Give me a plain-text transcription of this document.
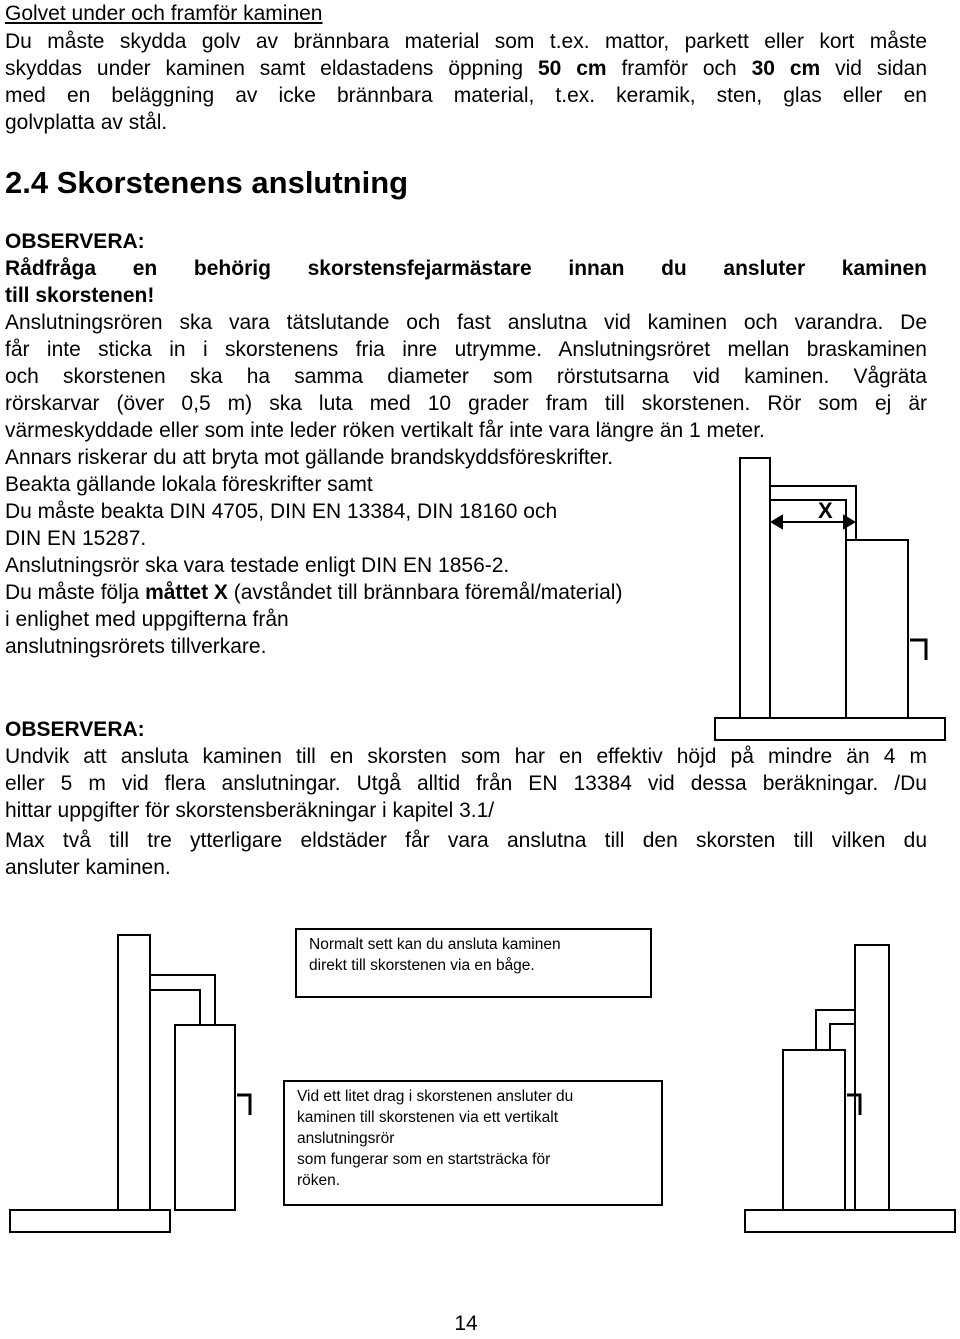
Golvet under och framför kaminen
Du måste skydda golv av brännbara material som t.ex. mattor, parkett eller kort måste
skyddas under kaminen samt eldastadens öppning 50 cm framför och 30 cm vid sidan
med en beläggning av icke brännbara material, t.ex. keramik, sten, glas eller en
golvplatta av stål.
2.4 Skorstenens anslutning
OBSERVERA:
Rådfråga en behörig skorstensfejarmästare innan du ansluter kaminen
till skorstenen!
Anslutningsrören ska vara tätslutande och fast anslutna vid kaminen och varandra. De
får inte sticka in i skorstenens fria inre utrymme. Anslutningsröret mellan braskaminen
och skorstenen ska ha samma diameter som rörstutsarna vid kaminen. Vågräta
rörskarvar (över 0,5 m) ska luta med 10 grader fram till skorstenen. Rör som ej är
värmeskyddade eller som inte leder röken vertikalt får inte vara längre än 1 meter.
Annars riskerar du att bryta mot gällande brandskyddsföreskrifter.
Beakta gällande lokala föreskrifter samt
Du måste beakta DIN 4705, DIN EN 13384, DIN 18160 och
DIN EN 15287.
Anslutningsrör ska vara testade enligt DIN EN 1856-2.
Du måste följa måttet X (avståndet till brännbara föremål/material)
i enlighet med uppgifterna från
anslutningsrörets tillverkare.
X
OBSERVERA:
Undvik att ansluta kaminen till en skorsten som har en effektiv höjd på mindre än 4 m
eller 5 m vid flera anslutningar. Utgå alltid från EN 13384 vid dessa beräkningar. /Du
hittar uppgifter för skorstensberäkningar i kapitel 3.1/
Max två till tre ytterligare eldstäder får vara anslutna till den skorsten till vilken du
ansluter kaminen.
Normalt sett kan du ansluta kaminen
direkt till skorstenen via en båge.
Vid ett litet drag i skorstenen ansluter du
kaminen till skorstenen via ett vertikalt
anslutningsrör
som fungerar som en startsträcka för
röken.
14
